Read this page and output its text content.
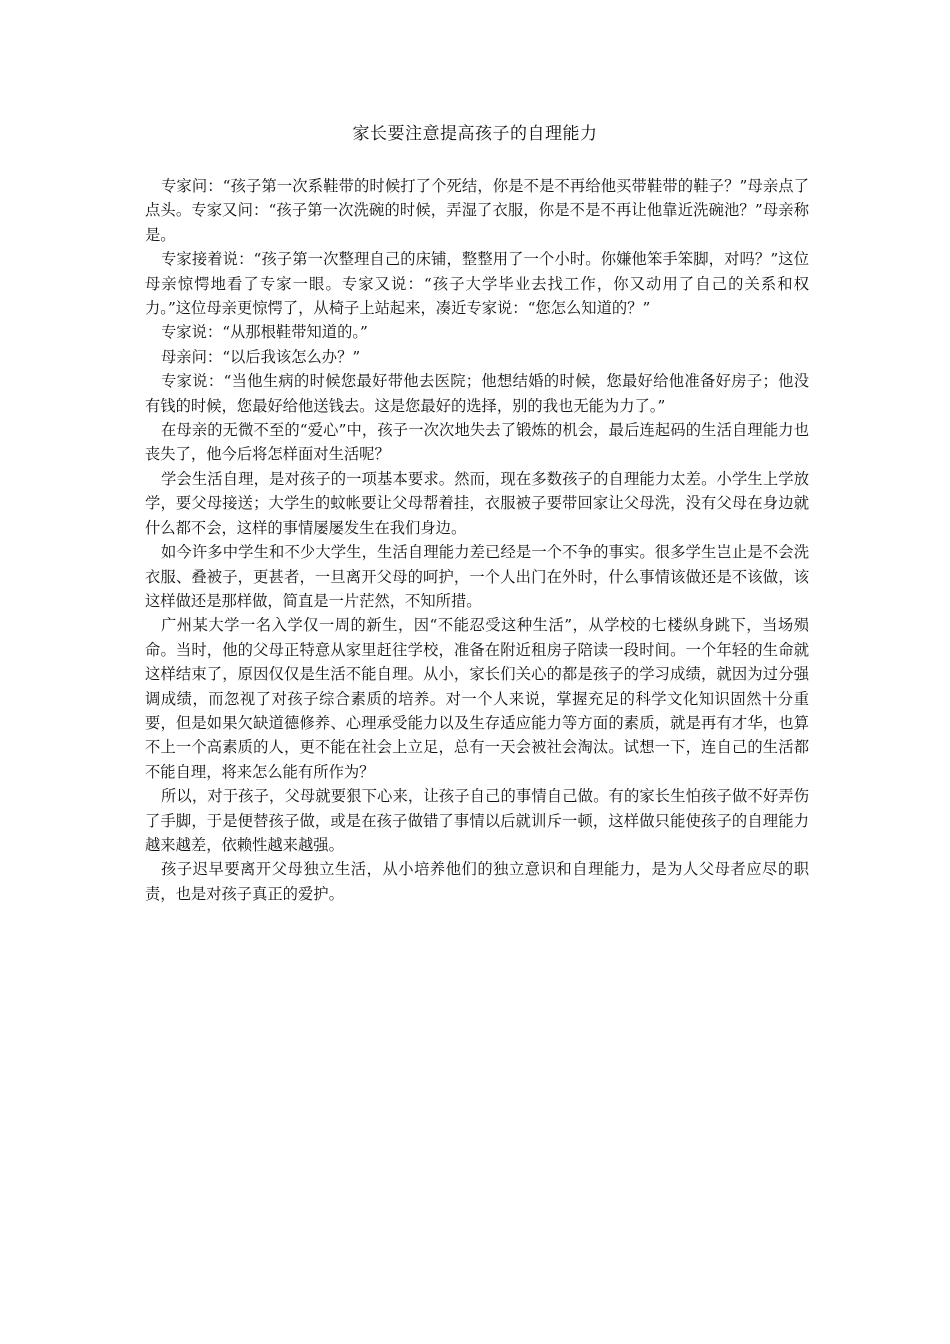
家长要注意提高孩子的自理能力

专家问：“孩子第一次系鞋带的时候打了个死结，你是不是不再给他买带鞋带的鞋子？”母亲点了点头。专家又问：“孩子第一次洗碗的时候，弄湿了衣服，你是不是不再让他靠近洗碗池？”母亲称是。

专家接着说：“孩子第一次整理自己的床铺，整整用了一个小时。你嫌他笨手笨脚，对吗？”这位母亲惊愕地看了专家一眼。专家又说：“孩子大学毕业去找工作，你又动用了自己的关系和权力。”这位母亲更惊愕了，从椅子上站起来，凑近专家说：“您怎么知道的？”

专家说：“从那根鞋带知道的。”

母亲问：“以后我该怎么办？”

专家说：“当他生病的时候您最好带他去医院；他想结婚的时候，您最好给他准备好房子；他没有钱的时候，您最好给他送钱去。这是您最好的选择，别的我也无能为力了。”

在母亲的无微不至的“爱心”中，孩子一次次地失去了锻炼的机会，最后连起码的生活自理能力也丧失了，他今后将怎样面对生活呢？

学会生活自理，是对孩子的一项基本要求。然而，现在多数孩子的自理能力太差。小学生上学放学，要父母接送；大学生的蚊帐要让父母帮着挂，衣服被子要带回家让父母洗，没有父母在身边就什么都不会，这样的事情屡屡发生在我们身边。

如今许多中学生和不少大学生，生活自理能力差已经是一个不争的事实。很多学生岂止是不会洗衣服、叠被子，更甚者，一旦离开父母的呵护，一个人出门在外时，什么事情该做还是不该做，该这样做还是那样做，简直是一片茫然，不知所措。

广州某大学一名入学仅一周的新生，因“不能忍受这种生活”，从学校的七楼纵身跳下，当场殒命。当时，他的父母正特意从家里赶往学校，准备在附近租房子陪读一段时间。一个年轻的生命就这样结束了，原因仅仅是生活不能自理。从小，家长们关心的都是孩子的学习成绩，就因为过分强调成绩，而忽视了对孩子综合素质的培养。对一个人来说，掌握充足的科学文化知识固然十分重要，但是如果欠缺道德修养、心理承受能力以及生存适应能力等方面的素质，就是再有才华，也算不上一个高素质的人，更不能在社会上立足，总有一天会被社会淘汰。试想一下，连自己的生活都不能自理，将来怎么能有所作为？

所以，对于孩子，父母就要狠下心来，让孩子自己的事情自己做。有的家长生怕孩子做不好弄伤了手脚，于是便替孩子做，或是在孩子做错了事情以后就训斥一顿，这样做只能使孩子的自理能力越来越差，依赖性越来越强。

孩子迟早要离开父母独立生活，从小培养他们的独立意识和自理能力，是为人父母者应尽的职责，也是对孩子真正的爱护。
